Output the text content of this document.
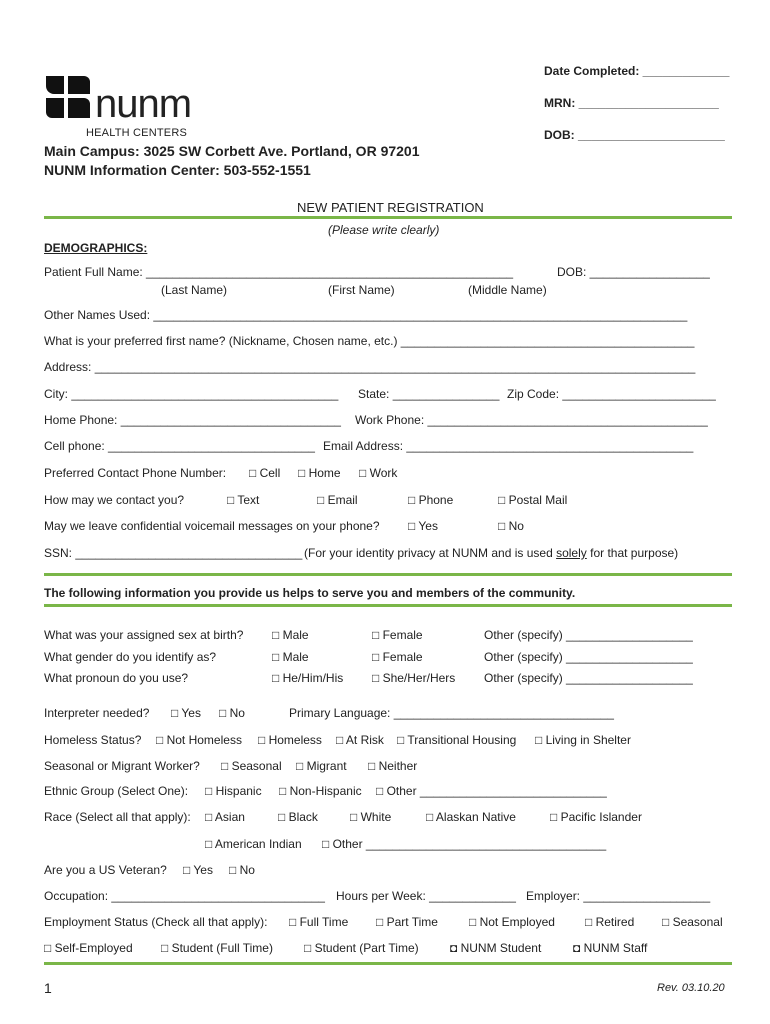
nunm
HEALTH CENTERS
Main Campus: 3025 SW Corbett Ave. Portland, OR 97201
NUNM Information Center: 503-552-1551
Date Completed: _____________
MRN: _____________________
DOB: ______________________
NEW PATIENT REGISTRATION
(Please write clearly)
DEMOGRAPHICS:
Patient Full Name: _______________________________________________________	DOB: __________________
(Last Name)	(First Name)	(Middle Name)
Other Names Used: ________________________________________________________________________________
What is your preferred first name? (Nickname, Chosen name, etc.) ____________________________________________
Address: __________________________________________________________________________________________
City: ________________________________________ State: ________________ Zip Code: _______________________
Home Phone: _________________________________ Work Phone: __________________________________________
Cell phone: _______________________________ Email Address: ___________________________________________
Preferred Contact Phone Number: □ Cell □ Home □ Work
How may we contact you?	□ Text	□ Email	□ Phone	□ Postal Mail
May we leave confidential voicemail messages on your phone? □ Yes	□ No
SSN: __________________________________ (For your identity privacy at NUNM and is used solely for that purpose)
The following information you provide us helps to serve you and members of the community.
What was your assigned sex at birth? □ Male	□ Female	Other (specify) ___________________
What gender do you identify as?	□ Male	□ Female	Other (specify) ___________________
What pronoun do you use?	□ He/Him/His □ She/Her/Hers Other (specify) ___________________
Interpreter needed? □ Yes □ No	Primary Language: _________________________________
Homeless Status? □ Not Homeless □ Homeless □ At Risk □ Transitional Housing □ Living in Shelter
Seasonal or Migrant Worker? □ Seasonal □ Migrant □ Neither
Ethnic Group (Select One): □ Hispanic □ Non-Hispanic □ Other ____________________________
Race (Select all that apply): □ Asian	□ Black	□ White	□ Alaskan Native	□ Pacific Islander
□ American Indian □ Other ____________________________________
Are you a US Veteran? □ Yes □ No
Occupation: ________________________________ Hours per Week: _____________ Employer: ___________________
Employment Status (Check all that apply): □ Full Time □ Part Time	□ Not Employed	□ Retired □ Seasonal
□ Self-Employed □ Student (Full Time)	□ Student (Part Time)	◘ NUNM Student	◘ NUNM Staff
1	Rev. 03.10.20
